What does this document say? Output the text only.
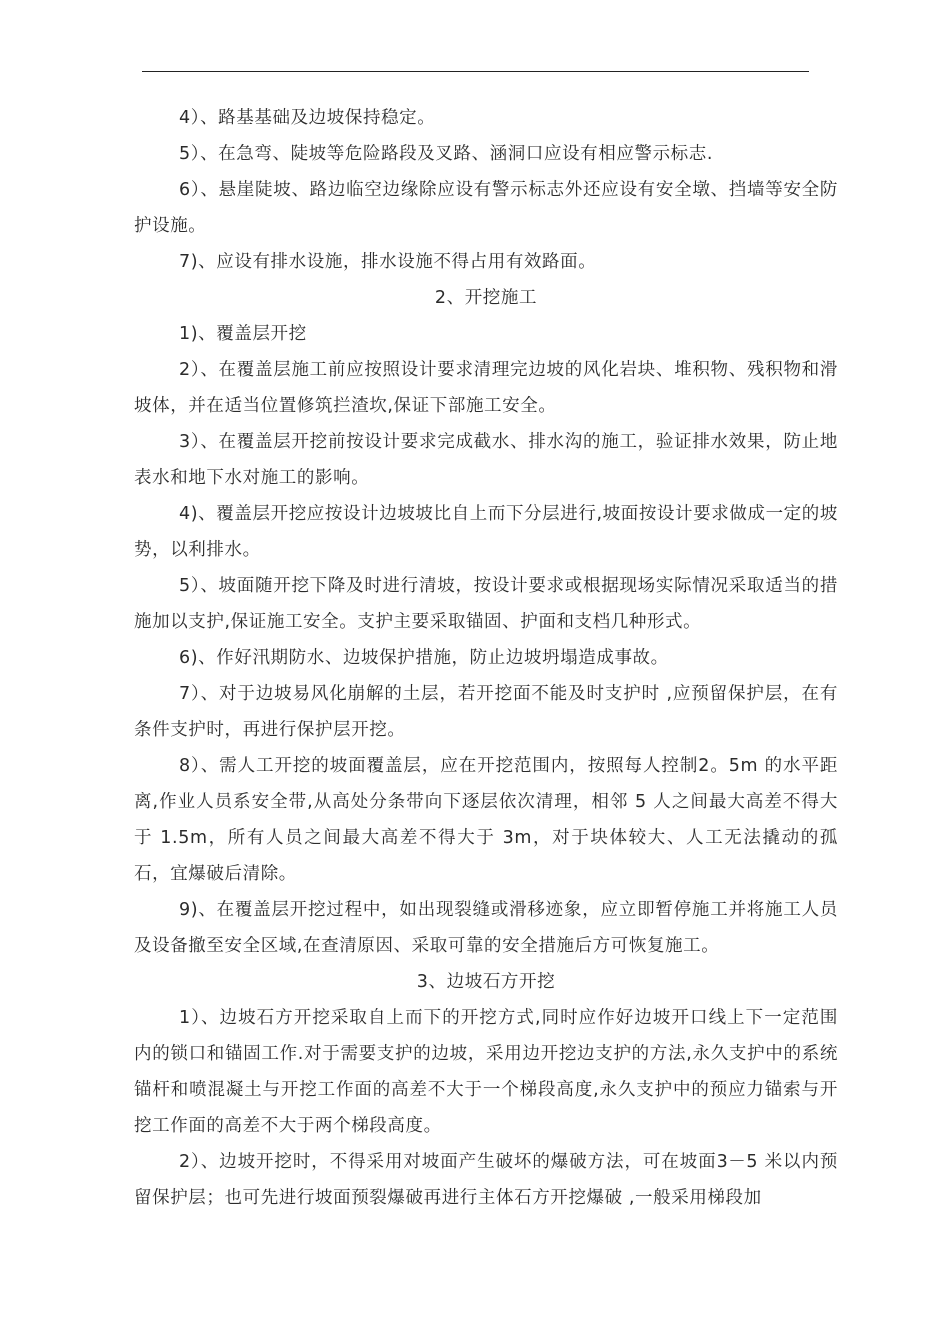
4）、路基基础及边坡保持稳定。

5）、在急弯、陡坡等危险路段及叉路、涵洞口应设有相应警示标志.

6）、悬崖陡坡、路边临空边缘除应设有警示标志外还应设有安全墩、挡墙等安全防护设施。

7)、应设有排水设施，排水设施不得占用有效路面。

2、开挖施工

1)、覆盖层开挖

2）、在覆盖层施工前应按照设计要求清理完边坡的风化岩块、堆积物、残积物和滑坡体，并在适当位置修筑拦渣坎,保证下部施工安全。

3）、在覆盖层开挖前按设计要求完成截水、排水沟的施工，验证排水效果，防止地表水和地下水对施工的影响。

4)、覆盖层开挖应按设计边坡坡比自上而下分层进行,坡面按设计要求做成一定的坡势，以利排水。

5）、坡面随开挖下降及时进行清坡，按设计要求或根据现场实际情况采取适当的措施加以支护,保证施工安全。支护主要采取锚固、护面和支档几种形式。

6)、作好汛期防水、边坡保护措施，防止边坡坍塌造成事故。

7）、对于边坡易风化崩解的土层，若开挖面不能及时支护时 ,应预留保护层，在有条件支护时，再进行保护层开挖。

8）、需人工开挖的坡面覆盖层，应在开挖范围内，按照每人控制2。5m 的水平距离,作业人员系安全带,从高处分条带向下逐层依次清理，相邻 5 人之间最大高差不得大于 1.5m，所有人员之间最大高差不得大于 3m，对于块体较大、人工无法撬动的孤石，宜爆破后清除。

9)、在覆盖层开挖过程中，如出现裂缝或滑移迹象，应立即暂停施工并将施工人员及设备撤至安全区域,在查清原因、采取可靠的安全措施后方可恢复施工。

3、边坡石方开挖

1）、边坡石方开挖采取自上而下的开挖方式,同时应作好边坡开口线上下一定范围内的锁口和锚固工作.对于需要支护的边坡，采用边开挖边支护的方法,永久支护中的系统锚杆和喷混凝土与开挖工作面的高差不大于一个梯段高度,永久支护中的预应力锚索与开挖工作面的高差不大于两个梯段高度。

2）、边坡开挖时，不得采用对坡面产生破坏的爆破方法，可在坡面3－5 米以内预留保护层；也可先进行坡面预裂爆破再进行主体石方开挖爆破 ,一般采用梯段加
